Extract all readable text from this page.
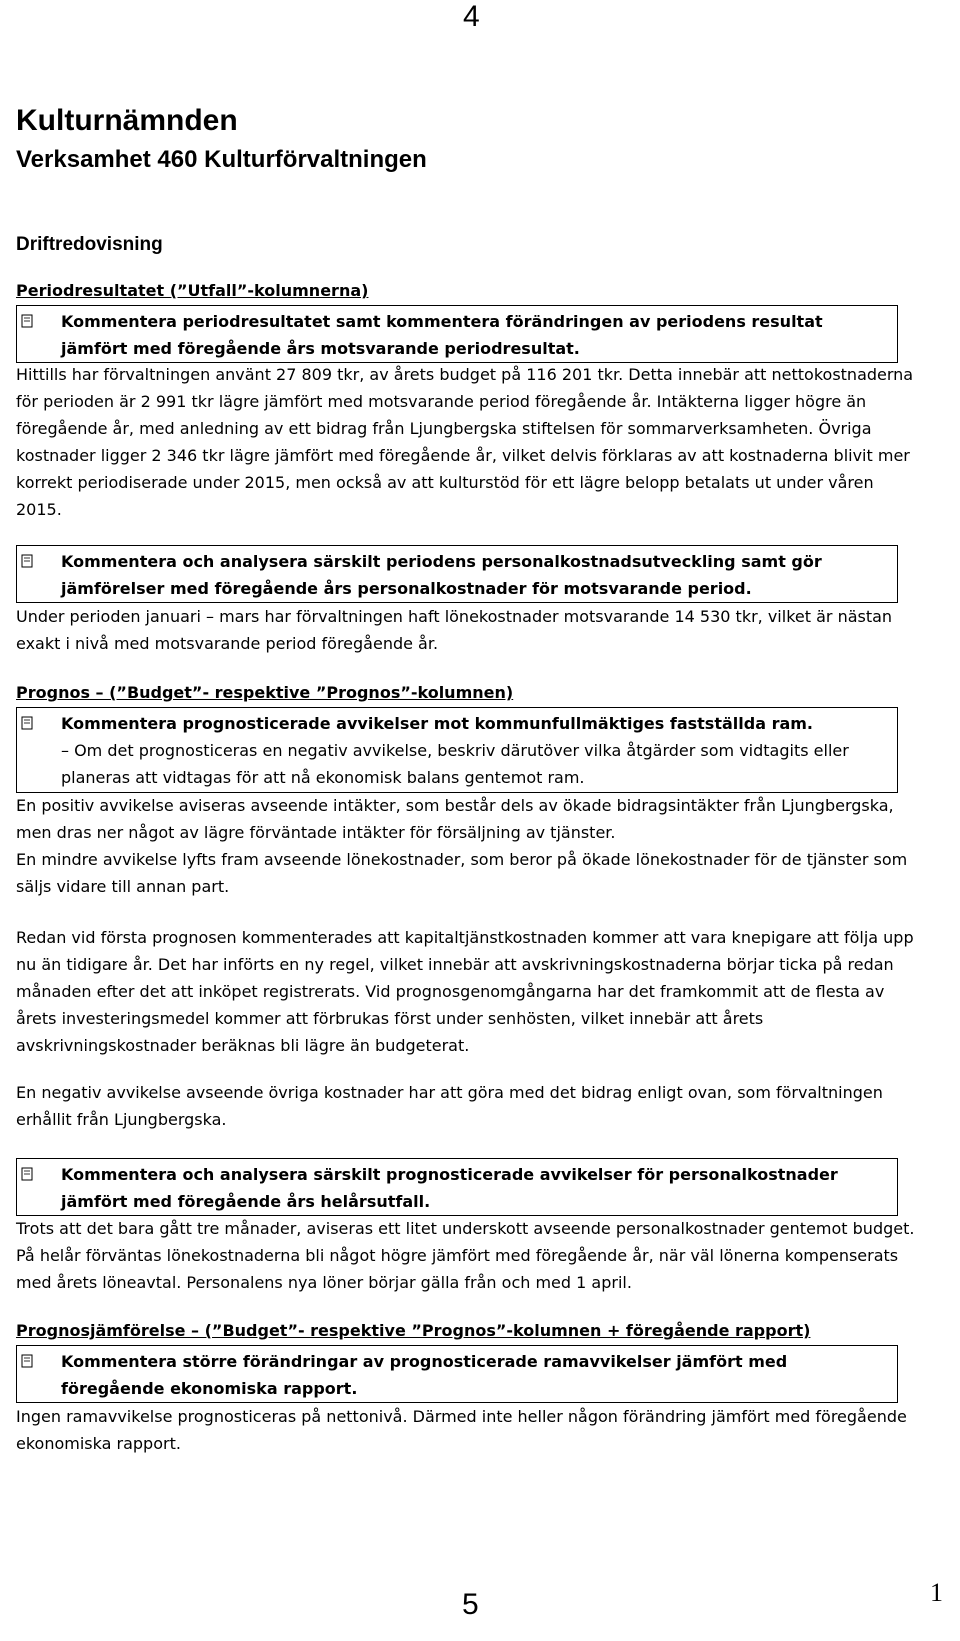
4
Kulturnämnden
Verksamhet 460 Kulturförvaltningen
Driftredovisning
Periodresultatet (”Utfall”-kolumnerna)
Kommentera periodresultatet samt kommentera förändringen av periodens resultat jämfört med föregående års motsvarande periodresultat.

Hittills har förvaltningen använt 27 809 tkr, av årets budget på 116 201 tkr. Detta innebär att nettokostnaderna för perioden är 2 991 tkr lägre jämfört med motsvarande period föregående år. Intäkterna ligger högre än föregående år, med anledning av ett bidrag från Ljungbergska stiftelsen för sommarverksamheten. Övriga kostnader ligger 2 346 tkr lägre jämfört med föregående år, vilket delvis förklaras av att kostnaderna blivit mer korrekt periodiserade under 2015, men också av att kulturstöd för ett lägre belopp betalats ut under våren 2015.

Kommentera och analysera särskilt periodens personalkostnadsutveckling samt gör jämförelser med föregående års personalkostnader för motsvarande period.

Under perioden januari – mars har förvaltningen haft lönekostnader motsvarande 14 530 tkr, vilket är nästan exakt i nivå med motsvarande period föregående år.

Prognos – (”Budget”- respektive ”Prognos”-kolumnen)
Kommentera prognosticerade avvikelser mot kommunfullmäktiges fastställda ram.
– Om det prognosticeras en negativ avvikelse, beskriv därutöver vilka åtgärder som vidtagits eller planeras att vidtagas för att nå ekonomisk balans gentemot ram.

En positiv avvikelse aviseras avseende intäkter, som består dels av ökade bidragsintäkter från Ljungbergska, men dras ner något av lägre förväntade intäkter för försäljning av tjänster.

En mindre avvikelse lyfts fram avseende lönekostnader, som beror på ökade lönekostnader för de tjänster som säljs vidare till annan part.

Redan vid första prognosen kommenterades att kapitaltjänstkostnaden kommer att vara knepigare att följa upp nu än tidigare år. Det har införts en ny regel, vilket innebär att avskrivningskostnaderna börjar ticka på redan månaden efter det att inköpet registrerats. Vid prognosgenomgångarna har det framkommit att de flesta av årets investeringsmedel kommer att förbrukas först under senhösten, vilket innebär att årets avskrivningskostnader beräknas bli lägre än budgeterat.

En negativ avvikelse avseende övriga kostnader har att göra med det bidrag enligt ovan, som förvaltningen erhållit från Ljungbergska.

Kommentera och analysera särskilt prognosticerade avvikelser för personalkostnader jämfört med föregående års helårsutfall.

Trots att det bara gått tre månader, aviseras ett litet underskott avseende personalkostnader gentemot budget. På helår förväntas lönekostnaderna bli något högre jämfört med föregående år, när väl lönerna kompenserats med årets löneavtal. Personalens nya löner börjar gälla från och med 1 april.

Prognosjämförelse – (”Budget”- respektive ”Prognos”-kolumnen + föregående rapport)
Kommentera större förändringar av prognosticerade ramavvikelser jämfört med föregående ekonomiska rapport.

Ingen ramavvikelse prognosticeras på nettonivå. Därmed inte heller någon förändring jämfört med föregående ekonomiska rapport.

1
5
